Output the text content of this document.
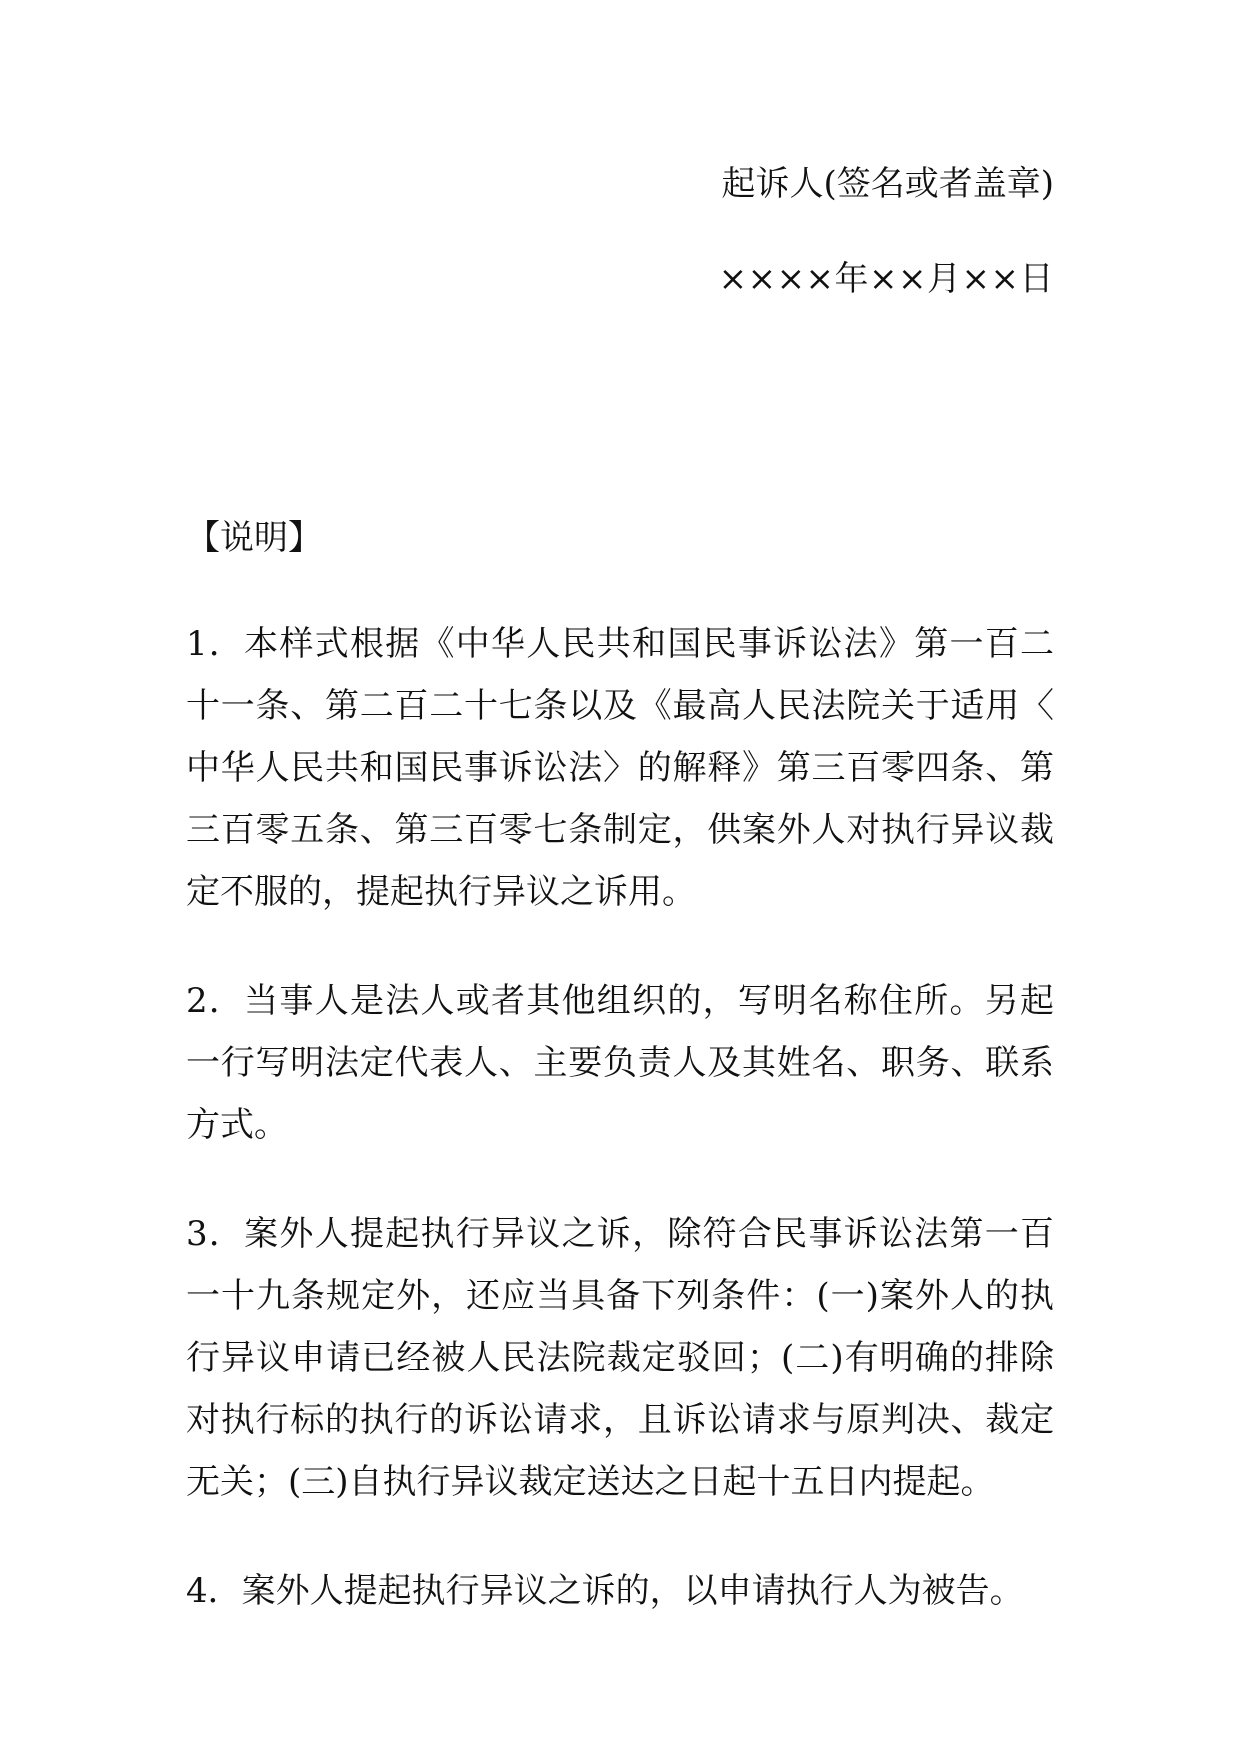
起诉人(签名或者盖章)
××××年××月××日
【说明】

1．本样式根据《中华人民共和国民事诉讼法》第一百二十一条、第二百二十七条以及《最高人民法院关于适用〈中华人民共和国民事诉讼法〉的解释》第三百零四条、第三百零五条、第三百零七条制定，供案外人对执行异议裁定不服的，提起执行异议之诉用。

2．当事人是法人或者其他组织的，写明名称住所。另起一行写明法定代表人、主要负责人及其姓名、职务、联系方式。

3．案外人提起执行异议之诉，除符合民事诉讼法第一百一十九条规定外，还应当具备下列条件：(一)案外人的执行异议申请已经被人民法院裁定驳回；(二)有明确的排除对执行标的执行的诉讼请求，且诉讼请求与原判决、裁定无关；(三)自执行异议裁定送达之日起十五日内提起。

4．案外人提起执行异议之诉的，以申请执行人为被告。
